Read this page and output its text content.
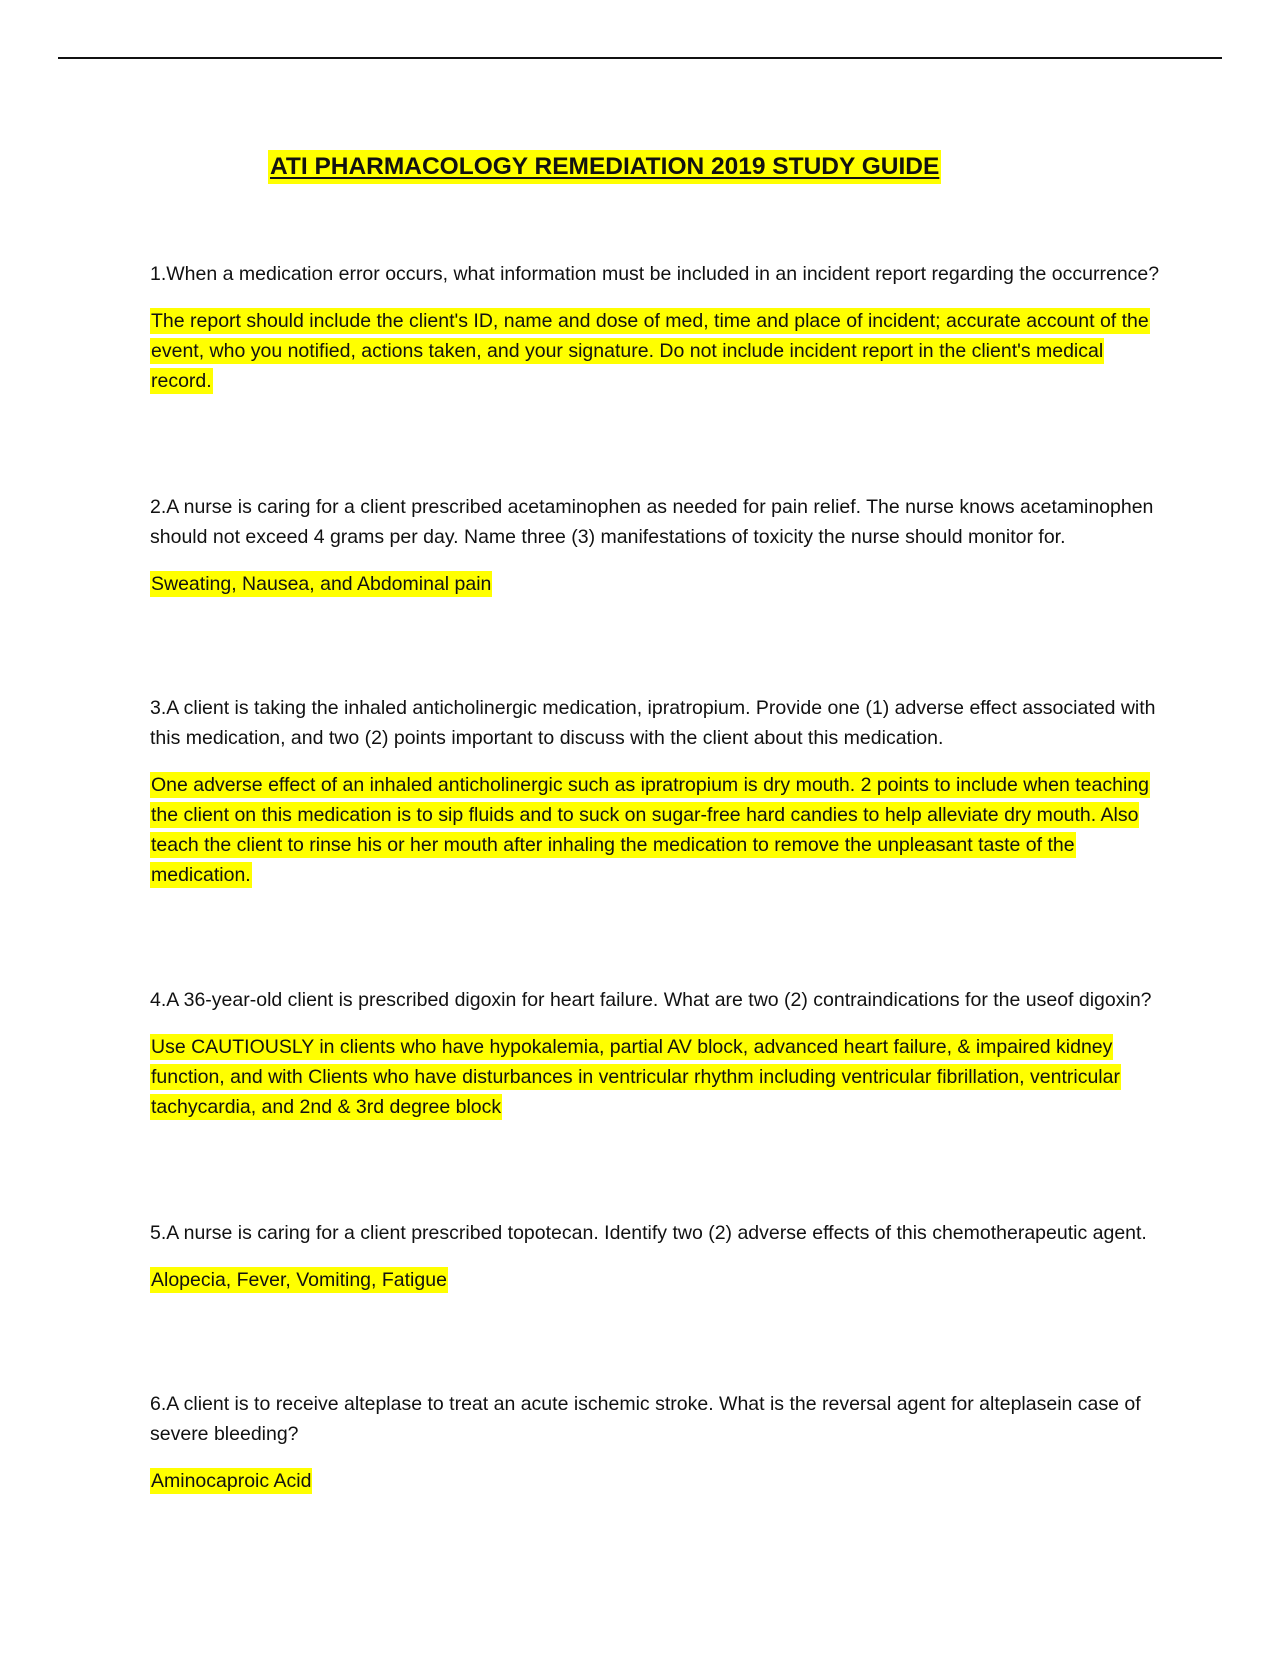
ATI PHARMACOLOGY REMEDIATION 2019 STUDY GUIDE

1.When a medication error occurs, what information must be included in an incident report regarding the occurrence?

The report should include the client's ID, name and dose of med, time and place of incident; accurate account of the event, who you notified, actions taken, and your signature. Do not include incident report in the client's medical record.

2.A nurse is caring for a client prescribed acetaminophen as needed for pain relief. The nurse knows acetaminophen should not exceed 4 grams per day. Name three (3) manifestations of toxicity the nurse should monitor for.

Sweating, Nausea, and Abdominal pain

3.A client is taking the inhaled anticholinergic medication, ipratropium. Provide one (1) adverse effect associated with this medication, and two (2) points important to discuss with the client about this medication.

One adverse effect of an inhaled anticholinergic such as ipratropium is dry mouth. 2 points to include when teaching the client on this medication is to sip fluids and to suck on sugar-free hard candies to help alleviate dry mouth. Also teach the client to rinse his or her mouth after inhaling the medication to remove the unpleasant taste of the medication.

4.A 36-year-old client is prescribed digoxin for heart failure. What are two (2) contraindications for the useof digoxin?

Use CAUTIOUSLY in clients who have hypokalemia, partial AV block, advanced heart failure, & impaired kidney function, and with Clients who have disturbances in ventricular rhythm including ventricular fibrillation, ventricular tachycardia, and 2nd & 3rd degree block

5.A nurse is caring for a client prescribed topotecan. Identify two (2) adverse effects of this chemotherapeutic agent.

Alopecia, Fever, Vomiting, Fatigue

6.A client is to receive alteplase to treat an acute ischemic stroke. What is the reversal agent for alteplasein case of severe bleeding?

Aminocaproic Acid
